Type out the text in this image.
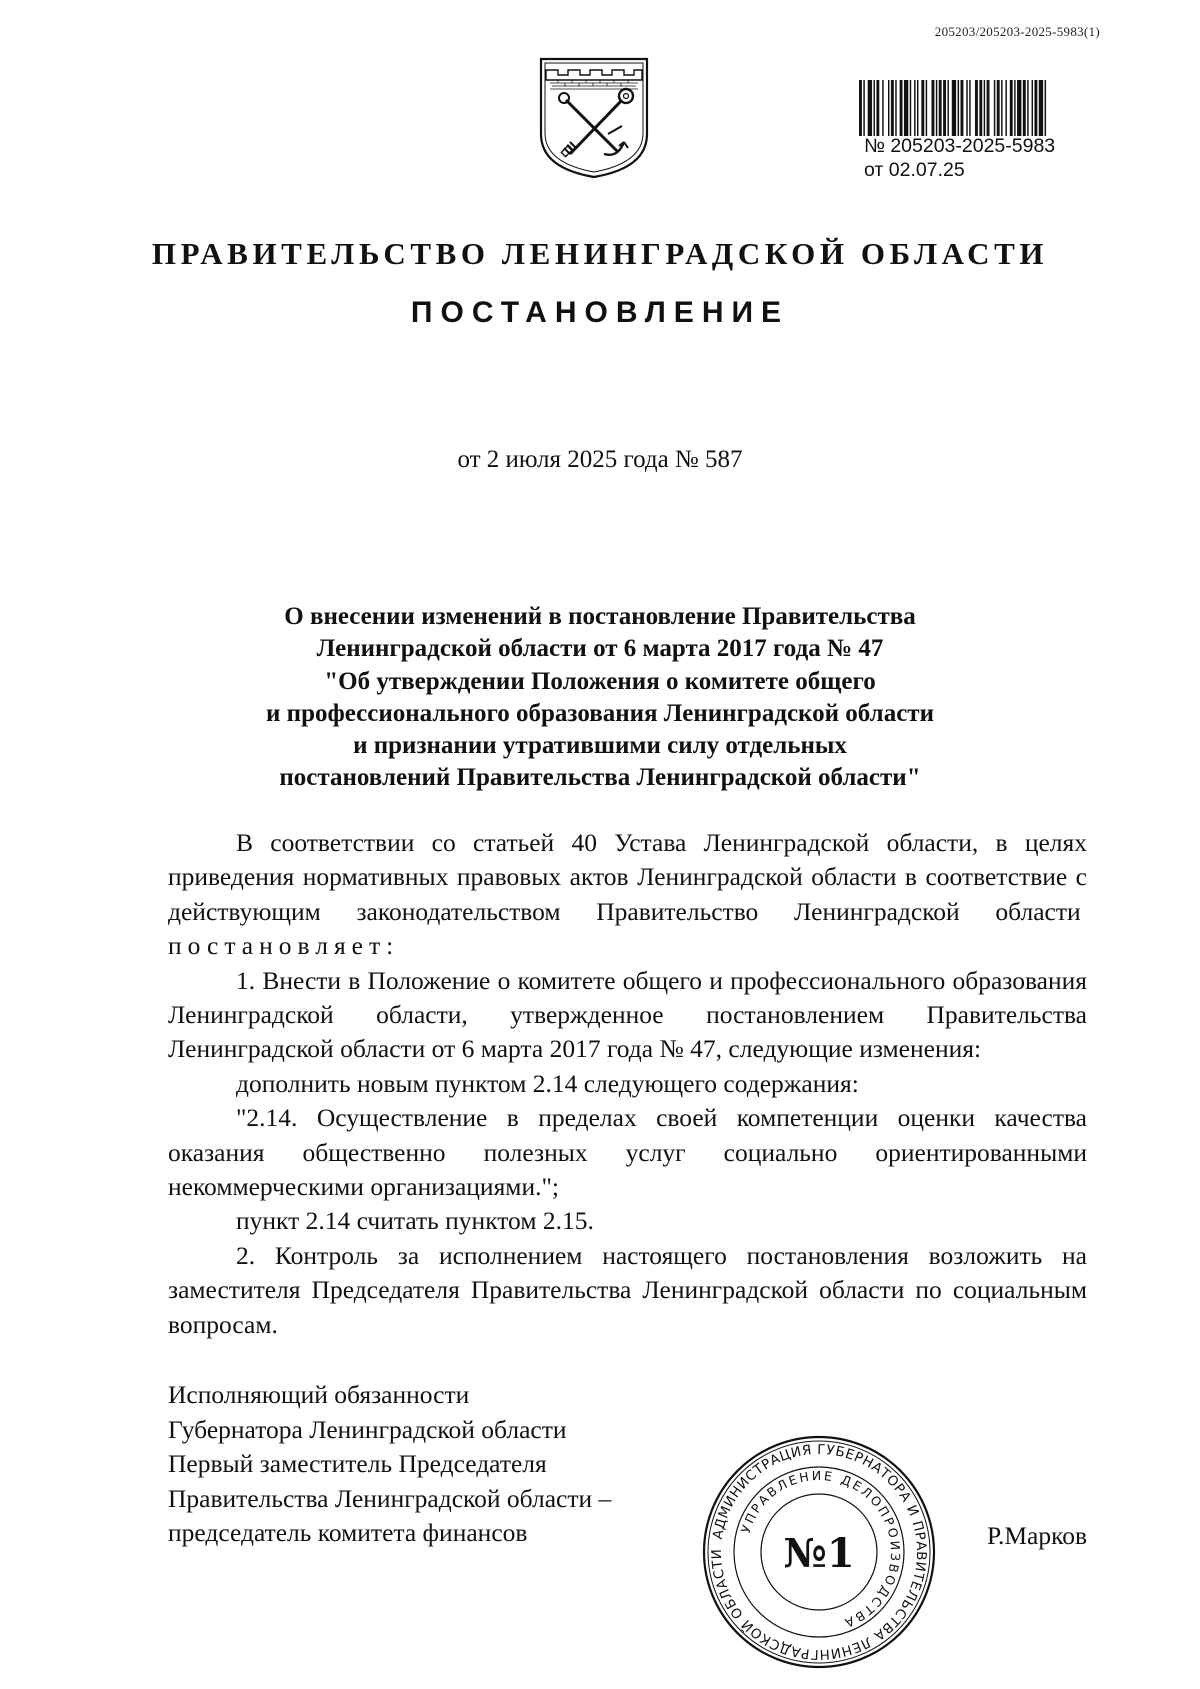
205203/205203-2025-5983(1)
№ 205203-2025-5983
от 02.07.25
ПРАВИТЕЛЬСТВО ЛЕНИНГРАДСКОЙ ОБЛАСТИ
ПОСТАНОВЛЕНИЕ
от 2 июля 2025 года № 587
О внесении изменений в постановление Правительства
Ленинградской области от 6 марта 2017 года № 47
"Об утверждении Положения о комитете общего
и профессионального образования Ленинградской области
и признании утратившими силу отдельных
постановлений Правительства Ленинградской области"

В соответствии со статьей 40 Устава Ленинградской области, в целях приведения нормативных правовых актов Ленинградской области в соответствие с действующим законодательством Правительство Ленинградской области  постановляет:

1. Внести в Положение о комитете общего и профессионального образования Ленинградской области, утвержденное постановлением Правительства Ленинградской области от 6 марта 2017 года № 47, следующие изменения:

дополнить новым пунктом 2.14 следующего содержания:

"2.14. Осуществление в пределах своей компетенции оценки качества оказания общественно полезных услуг социально ориентированными некоммерческими организациями.";

пункт 2.14 считать пунктом 2.15.

2. Контроль за исполнением настоящего постановления возложить на заместителя Председателя Правительства Ленинградской области по социальным вопросам.

Исполняющий обязанности
Губернатора Ленинградской области
Первый заместитель Председателя
Правительства Ленинградской области –
председатель комитета финансов	АДМИНИСТРАЦИЯ ГУБЕРНАТОРА И ПРАВИТЕЛЬСТВА ЛЕНИНГРАДСКОЙ ОБЛАСТИ
УПРАВЛЕНИЕ ДЕЛОПРОИЗВОДСТВА
№1	Р.Марков
